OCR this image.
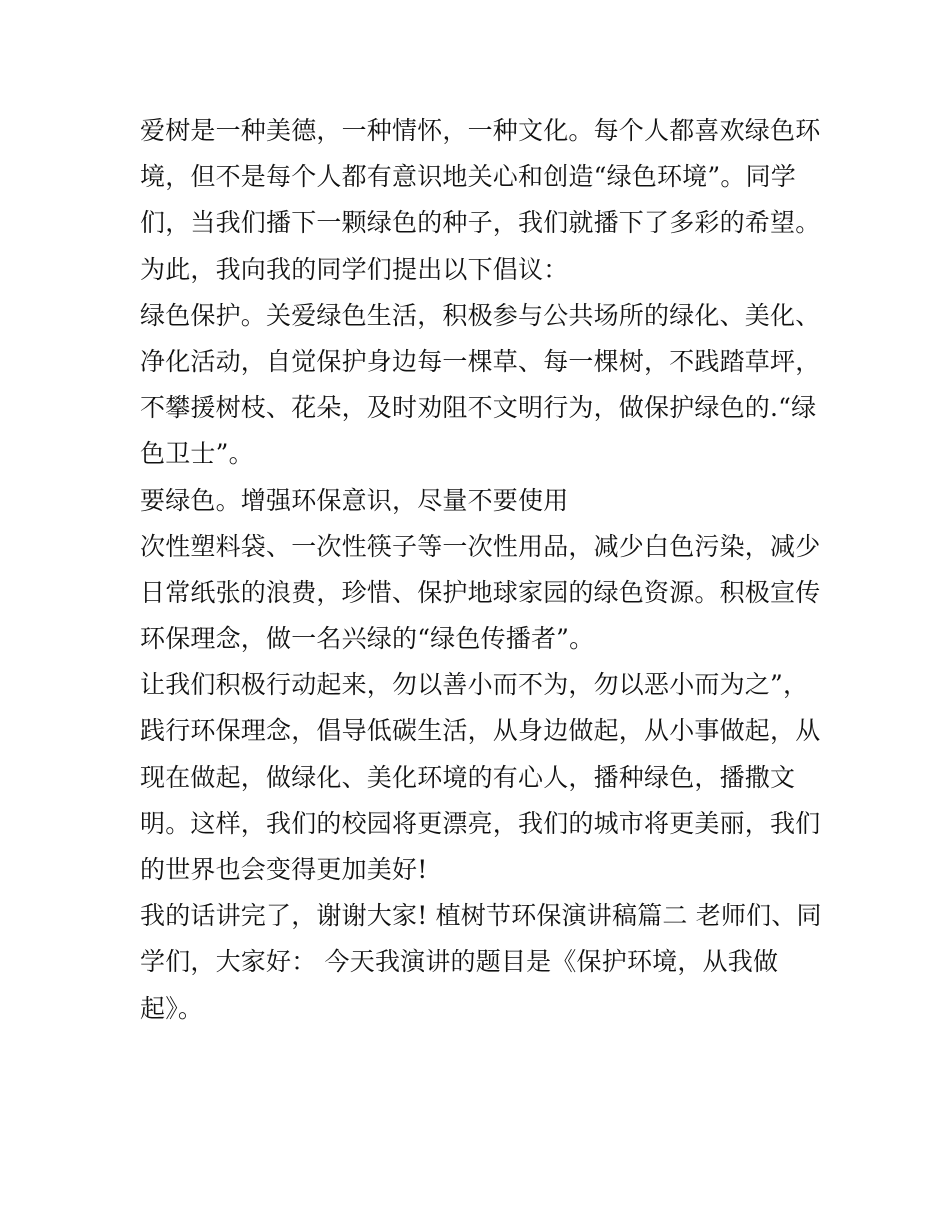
爱树是一种美德，一种情怀，一种文化。每个人都喜欢绿色环
境，但不是每个人都有意识地关心和创造“绿色环境”。同学
们，当我们播下一颗绿色的种子，我们就播下了多彩的希望。
为此，我向我的同学们提出以下倡议：
绿色保护。关爱绿色生活，积极参与公共场所的绿化、美化、
净化活动，自觉保护身边每一棵草、每一棵树，不践踏草坪，
不攀援树枝、花朵，及时劝阻不文明行为，做保护绿色的.“绿
色卫士”。
要绿色。增强环保意识，尽量不要使用
次性塑料袋、一次性筷子等一次性用品，减少白色污染，减少
日常纸张的浪费，珍惜、保护地球家园的绿色资源。积极宣传
环保理念，做一名兴绿的“绿色传播者”。
让我们积极行动起来，勿以善小而不为，勿以恶小而为之”，
践行环保理念，倡导低碳生活，从身边做起，从小事做起，从
现在做起，做绿化、美化环境的有心人，播种绿色，播撒文
明。这样，我们的校园将更漂亮，我们的城市将更美丽，我们
的世界也会变得更加美好!
我的话讲完了，谢谢大家! 植树节环保演讲稿篇二 老师们、同
学们，大家好： 今天我演讲的题目是《保护环境，从我做
起》。
